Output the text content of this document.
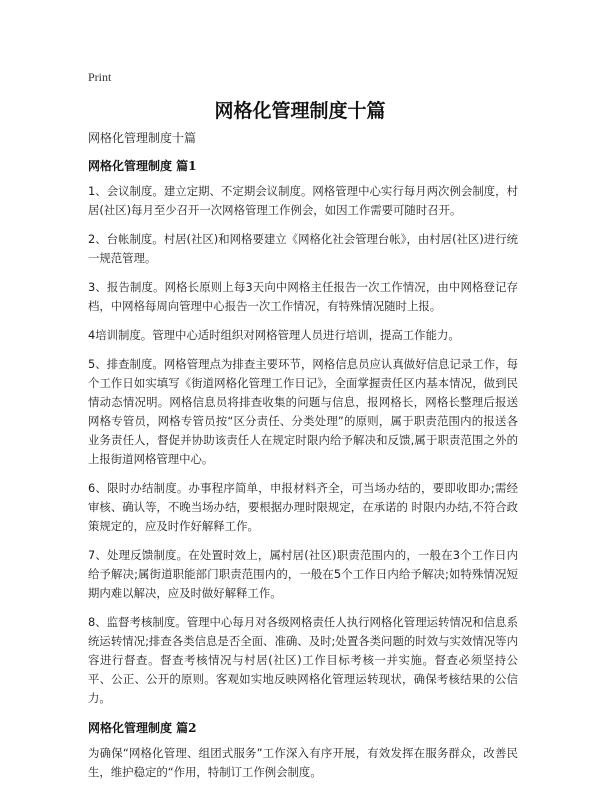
Print
网格化管理制度十篇

网格化管理制度十篇

网格化管理制度 篇1

1、会议制度。建立定期、不定期会议制度。网格管理中心实行每月两次例会制度，村居(社区)每月至少召开一次网格管理工作例会，如因工作需要可随时召开。

2、台帐制度。村居(社区)和网格要建立《网格化社会管理台帐》，由村居(社区)进行统一规范管理。

3、报告制度。网格长原则上每3天向中网格主任报告一次工作情况，由中网格登记存档，中网格每周向管理中心报告一次工作情况，有特殊情况随时上报。

4培训制度。管理中心适时组织对网格管理人员进行培训，提高工作能力。

5、排查制度。网格管理点为排查主要环节，网格信息员应认真做好信息记录工作，每个工作日如实填写《街道网格化管理工作日记》，全面掌握责任区内基本情况，做到民情动态情况明。网格信息员将排查收集的问题与信息，报网格长，网格长整理后报送网格专管员，网格专管员按“区分责任、分类处理”的原则，属于职责范围内的报送各业务责任人，督促并协助该责任人在规定时限内给予解决和反馈,属于职责范围之外的上报街道网格管理中心。

6、限时办结制度。办事程序简单，申报材料齐全，可当场办结的，要即收即办;需经审核、确认等，不晚当场办结，要根据办理时限规定，在承诺的 时限内办结,不符合政策规定的，应及时作好解释工作。

7、处理反馈制度。在处置时效上，属村居(社区)职责范围内的，一般在3个工作日内给予解决;属街道职能部门职责范围内的，一般在5个工作日内给予解决;如特殊情况短期内难以解决，应及时做好解释工作。

8、监督考核制度。管理中心每月对各级网格责任人执行网格化管理运转情况和信息系统运转情况;排查各类信息是否全面、准确、及时;处置各类问题的时效与实效情况等内容进行督查。督查考核情况与村居(社区)工作目标考核一并实施。督查必须坚持公平、公正、公开的原则。客观如实地反映网格化管理运转现状，确保考核结果的公信力。

网格化管理制度 篇2

为确保“网格化管理、组团式服务”工作深入有序开展，有效发挥在服务群众，改善民生，维护稳定的“作用，特制订工作例会制度。
